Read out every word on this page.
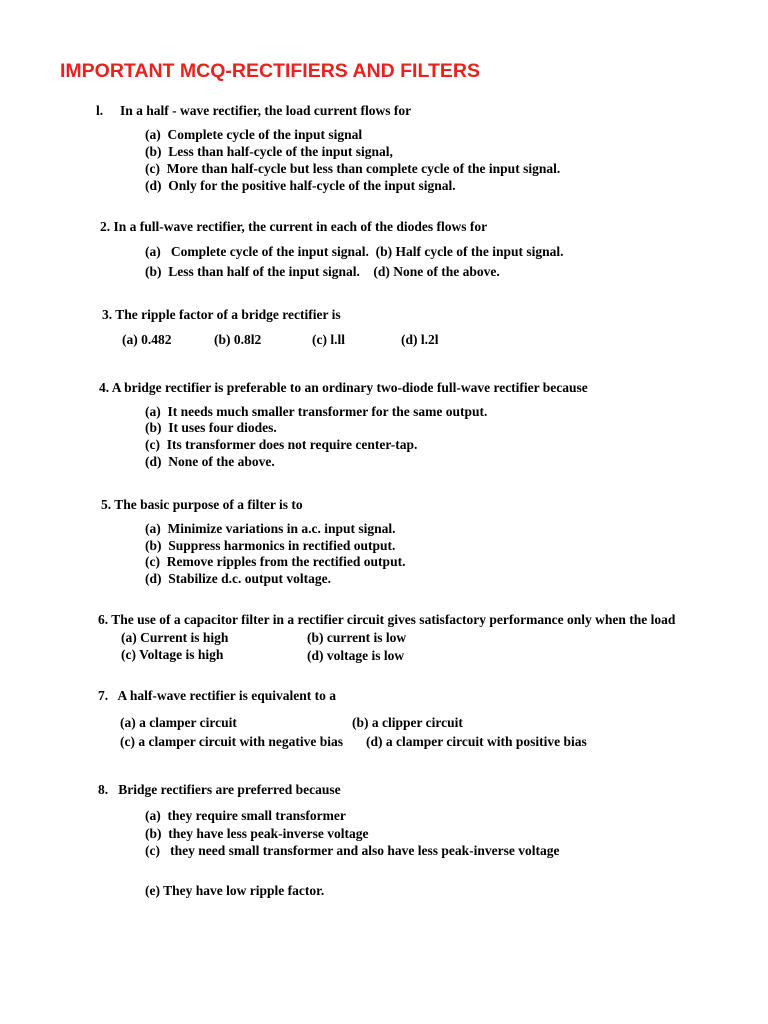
IMPORTANT MCQ-RECTIFIERS AND FILTERS
l.     In a half - wave rectifier, the load current flows for
(a)  Complete cycle of the input signal
(b)  Less than half-cycle of the input signal,
(c)  More than half-cycle but less than complete cycle of the input signal.
(d)  Only for the positive half-cycle of the input signal.
2. In a full-wave rectifier, the current in each of the diodes flows for
(a)   Complete cycle of the input signal.  (b) Half cycle of the input signal.
(b)  Less than half of the input signal.    (d) None of the above.
3. The ripple factor of a bridge rectifier is
(a) 0.482	(b) 0.8l2	(c) l.ll	(d) l.2l
4. A bridge rectifier is preferable to an ordinary two-diode full-wave rectifier because
(a)  It needs much smaller transformer for the same output.
(b)  It uses four diodes.
(c)  Its transformer does not require center-tap.
(d)  None of the above.
5. The basic purpose of a filter is to
(a)  Minimize variations in a.c. input signal.
(b)  Suppress harmonics in rectified output.
(c)  Remove ripples from the rectified output.
(d)  Stabilize d.c. output voltage.
6. The use of a capacitor filter in a rectifier circuit gives satisfactory performance only when the load
(a) Current is high	(b) current is low
(c) Voltage is high	(d) voltage is low
7.   A half-wave rectifier is equivalent to a
(a) a clamper circuit	(b) a clipper circuit
(c) a clamper circuit with negative bias (d) a clamper circuit with positive bias
8.   Bridge rectifiers are preferred because
(a)  they require small transformer
(b)  they have less peak-inverse voltage
(c)   they need small transformer and also have less peak-inverse voltage
(e) They have low ripple factor.
